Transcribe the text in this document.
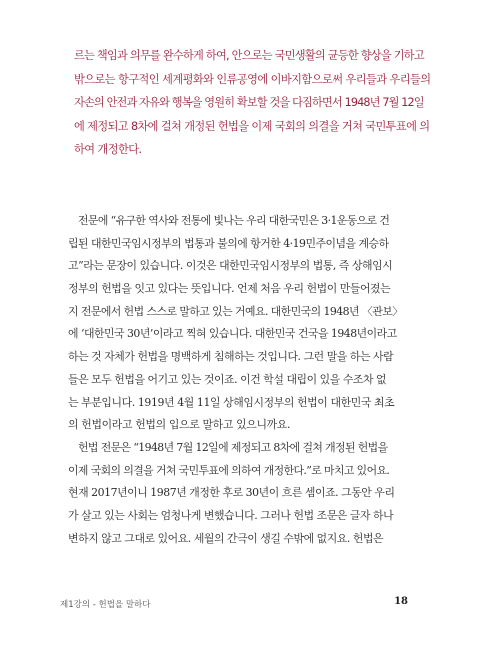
르는 책임과 의무를 완수하게 하여, 안으로는 국민생활의 균등한 향상을 기하고
밖으로는 항구적인 세계평화와 인류공영에 이바지함으로써 우리들과 우리들의
자손의 안전과 자유와 행복을 영원히 확보할 것을 다짐하면서 1948년 7월 12일
에 제정되고 8차에 걸쳐 개정된 헌법을 이제 국회의 의결을 거쳐 국민투표에 의
하여 개정한다.
전문에 “유구한 역사와 전통에 빛나는 우리 대한국민은 3·1운동으로 건
립된 대한민국임시정부의 법통과 불의에 항거한 4·19민주이념을 계승하
고”라는 문장이 있습니다. 이것은 대한민국임시정부의 법통, 즉 상해임시
정부의 헌법을 잇고 있다는 뜻입니다. 언제 처음 우리 헌법이 만들어졌는
지 전문에서 헌법 스스로 말하고 있는 거예요. 대한민국의 1948년 〈관보〉
에 ‘대한민국 30년’이라고 찍혀 있습니다. 대한민국 건국을 1948년이라고
하는 것 자체가 헌법을 명백하게 침해하는 것입니다. 그런 말을 하는 사람
들은 모두 헌법을 어기고 있는 것이죠. 이건 학설 대립이 있을 수조차 없
는 부분입니다. 1919년 4월 11일 상해임시정부의 헌법이 대한민국 최초
의 헌법이라고 헌법의 입으로 말하고 있으니까요.
헌법 전문은 “1948년 7월 12일에 제정되고 8차에 걸쳐 개정된 헌법을
이제 국회의 의결을 거쳐 국민투표에 의하여 개정한다.”로 마치고 있어요.
현재 2017년이니 1987년 개정한 후로 30년이 흐른 셈이죠. 그동안 우리
가 살고 있는 사회는 엄청나게 변했습니다. 그러나 헌법 조문은 글자 하나
변하지 않고 그대로 있어요. 세월의 간극이 생길 수밖에 없지요. 헌법은
제1강의 - 헌법을 말하다	18
